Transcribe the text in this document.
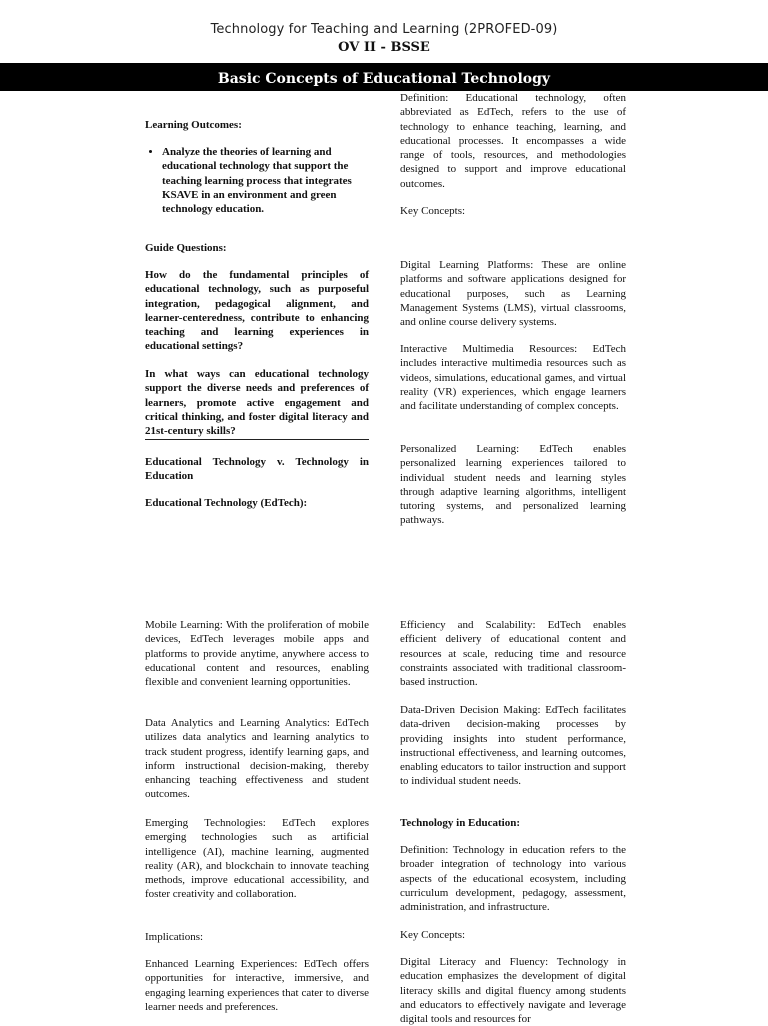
Technology for Teaching and Learning (2PROFED-09)
OV II - BSSE
Basic Concepts of Educational Technology

Learning Outcomes:

• Analyze the theories of learning and educational technology that support the teaching learning process that integrates KSAVE in an environment and green technology education.

Guide Questions:

How do the fundamental principles of educational technology, such as purposeful integration, pedagogical alignment, and learner-centeredness, contribute to enhancing teaching and learning experiences in educational settings?

In what ways can educational technology support the diverse needs and preferences of learners, promote active engagement and critical thinking, and foster digital literacy and 21st-century skills?

Educational Technology v. Technology in Education

Educational Technology (EdTech):

Definition: Educational technology, often abbreviated as EdTech, refers to the use of technology to enhance teaching, learning, and educational processes. It encompasses a wide range of tools, resources, and methodologies designed to support and improve educational outcomes.

Key Concepts:

Digital Learning Platforms: These are online platforms and software applications designed for educational purposes, such as Learning Management Systems (LMS), virtual classrooms, and online course delivery systems.

Interactive Multimedia Resources: EdTech includes interactive multimedia resources such as videos, simulations, educational games, and virtual reality (VR) experiences, which engage learners and facilitate understanding of complex concepts.

Personalized Learning: EdTech enables personalized learning experiences tailored to individual student needs and learning styles through adaptive learning algorithms, intelligent tutoring systems, and personalized learning pathways.

Mobile Learning: With the proliferation of mobile devices, EdTech leverages mobile apps and platforms to provide anytime, anywhere access to educational content and resources, enabling flexible and convenient learning opportunities.

Data Analytics and Learning Analytics: EdTech utilizes data analytics and learning analytics to track student progress, identify learning gaps, and inform instructional decision-making, thereby enhancing teaching effectiveness and student outcomes.

Emerging Technologies: EdTech explores emerging technologies such as artificial intelligence (AI), machine learning, augmented reality (AR), and blockchain to innovate teaching methods, improve educational accessibility, and foster creativity and collaboration.

Implications:

Enhanced Learning Experiences: EdTech offers opportunities for interactive, immersive, and engaging learning experiences that cater to diverse learner needs and preferences.

Efficiency and Scalability: EdTech enables efficient delivery of educational content and resources at scale, reducing time and resource constraints associated with traditional classroom-based instruction.

Data-Driven Decision Making: EdTech facilitates data-driven decision-making processes by providing insights into student performance, instructional effectiveness, and learning outcomes, enabling educators to tailor instruction and support to individual student needs.

Technology in Education:

Definition: Technology in education refers to the broader integration of technology into various aspects of the educational ecosystem, including curriculum development, pedagogy, assessment, administration, and infrastructure.

Key Concepts:

Digital Literacy and Fluency: Technology in education emphasizes the development of digital literacy skills and digital fluency among students and educators to effectively navigate and leverage digital tools and resources for
